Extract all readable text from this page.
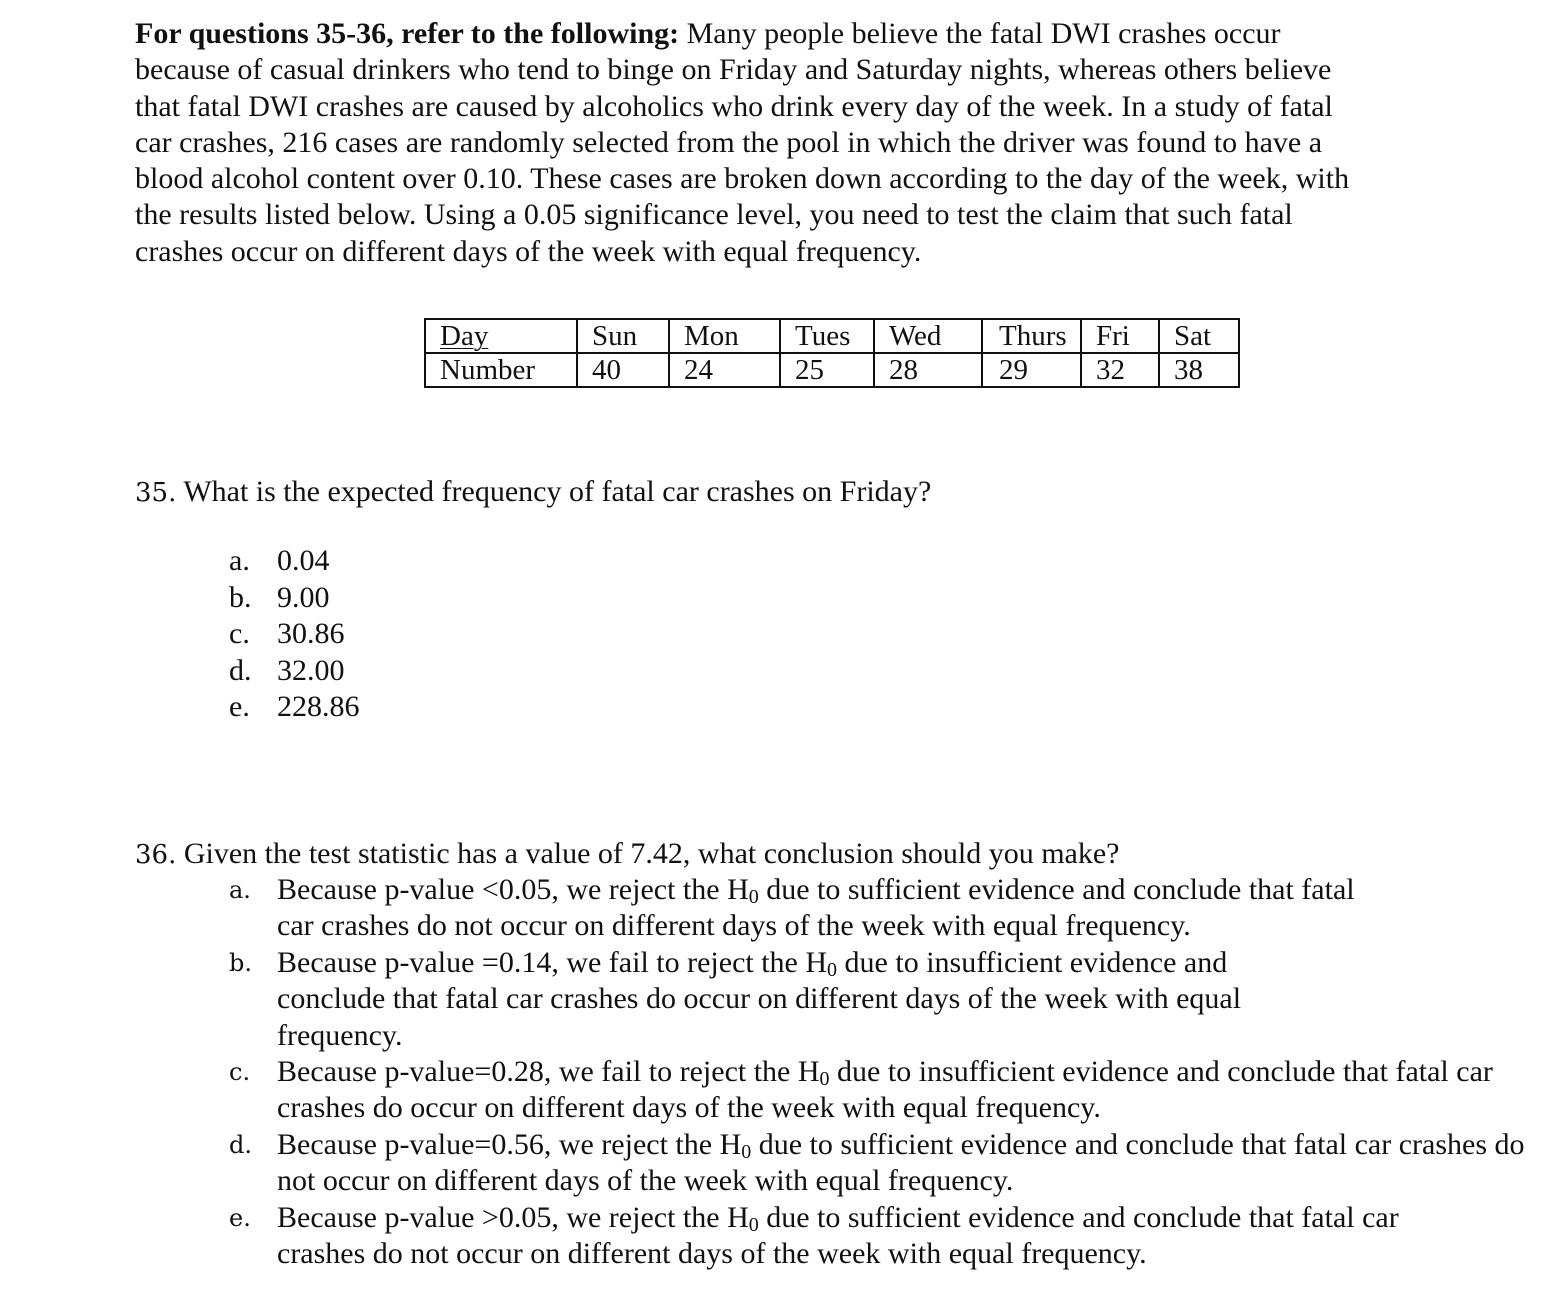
For questions 35-36, refer to the following: Many people believe the fatal DWI crashes occur because of casual drinkers who tend to binge on Friday and Saturday nights, whereas others believe that fatal DWI crashes are caused by alcoholics who drink every day of the week. In a study of fatal car crashes, 216 cases are randomly selected from the pool in which the driver was found to have a blood alcohol content over 0.10. These cases are broken down according to the day of the week, with the results listed below. Using a 0.05 significance level, you need to test the claim that such fatal crashes occur on different days of the week with equal frequency.

Day	Sun	Mon	Tues	Wed	Thurs	Fri	Sat
Number	40	24	25	28	29	32	38
35. What is the expected frequency of fatal car crashes on Friday?
a. 0.04
b. 9.00
c. 30.86
d. 32.00
e. 228.86
36. Given the test statistic has a value of 7.42, what conclusion should you make?
a. Because p-value <0.05, we reject the $H_0$ due to sufficient evidence and conclude that fatal car crashes do not occur on different days of the week with equal frequency.
b. Because p-value =0.14, we fail to reject the $H_0$ due to insufficient evidence and conclude that fatal car crashes do occur on different days of the week with equal frequency.
c. Because p-value=0.28, we fail to reject the $H_0$ due to insufficient evidence and conclude that fatal car crashes do occur on different days of the week with equal frequency.
d. Because p-value=0.56, we reject the $H_0$ due to sufficient evidence and conclude that fatal car crashes do not occur on different days of the week with equal frequency.
e. Because p-value >0.05, we reject the $H_0$ due to sufficient evidence and conclude that fatal car crashes do not occur on different days of the week with equal frequency.
